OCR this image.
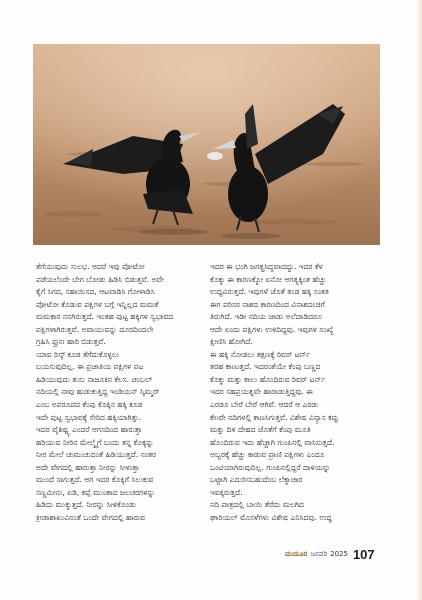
ತೆಗೆಯುವುದು ಸುಲಭ. ಆದರೆ ಇವು ಪೋಟೋ
ಪಡೆಯಲೆಂದೇ ಬೇಗ ಬೋಡು ಹಿಡಿಸಿ ಬಿಡುತ್ತವೆ. ಅವೇ
ಕೈಗೆ ಸಿಗದ, ಸಹಾಯಿಸದ, ಆಟವಾಡಿಸಿ ಗೋಳಾಡಿಸಿ
ಪೋಟೋ ಕೊಡುವ ಪಕ್ಷಿಗಳ ಬಗ್ಗೆ ಇನ್ನಿಲ್ಲದ ಮಮತೆ
ಮಮಕಾರ ನನಗಿರುತ್ತದೆ. ಇಂತಹ ಪುಟ್ಟ ಹಕ್ಕಿಗಳ ಸ್ವಭಾವದ
ಪಕ್ಷಿಗಳಾಗಿರುತ್ತವೆ. ಅವಾಯುವನ್ನು ದೂರದಿಂದಲೇ
ಗ್ರಹಿಸಿ ಫ್ರುನಃ ಹಾರಿ ಬಿಡುತ್ತವೆ.
ಯಾವ ರಿಸ್ಕ್ ಕೂಡ ತೆಗೆದುಕೊಳ್ಳಲು
ಬಯಸುವುದಿಲ್ಲ. ಈ ಪ್ರಜಾತಿಯ ಪಕ್ಷಿಗಳ ಪಟ
ಹಿಡಿಯುವುದು ತುಸು ನಾಜೂಕಿನ ಕೆಲಸ. ಚಂಬಲ್
ನದಿಯಲ್ಲಿ ನಾವು ಹುಡುಕುತ್ತಿದ್ದ ಇಂಡಿಯನ್ ಸ್ಕಿಮ್ಮರ್
ಎಂಬ ಅಪರೂಪದ ಕೆಂಪು ಕೊಕ್ಕಿನ ಹಕ್ಕಿ ಕೂಡ
ಇದೇ ಪುಟ್ಟ ಸ್ವಭಾವಕ್ಕೆ ಸೇರಿದ ಹಕ್ಕಿಯಾಗಿತ್ತು.
ಇದರ ವೈಶಿಷ್ಟ್ಯ ಎಂದರೆ ಆಗಸದಿಂದ ಹಾರುತ್ತಾ
ಹರಿಯುವ ನೀರಿನ ಮೇಲ್ಮೈಗೆ ಬಂದು ತನ್ನ ಕೊಕ್ಕನ್ನು
ನೀರ ಮೇಲೆ ಚುಮುಚುದಂತೆ ಹಿಡಿಯುತ್ತದೆ. ನಂತರ
ಅದೇ ವೇಗದಲ್ಲಿ ಹಾರುತ್ತಾ ನೀರನ್ನು ಸೀಳುತ್ತಾ
ಮುಂದೆ ಸಾಗುತ್ತದೆ. ಆಗ ಇದರ ಕೊಕ್ಕಿಗೆ ಸಿಲುಕುವ
ಸಣ್ಣಮೀನು, ಏಡಿ, ಕಪ್ಪೆ ಮುಂತಾದ ಜಲಚರಗಳನ್ನು
ಹಿಡಿದು ಮುಕ್ಕುತ್ತದೆ. ನೀರನ್ನು ಸೀಳಿಕೊಂಡು
ಕ್ರೀಡಾಶಾಖುವಿನಂತೆ ಒಂದೇ ವೇಗದಲ್ಲಿ ಹಾರುವ
ಇದರ ಈ ಭಂಗಿ ಜಗತ್ಪ್ರಸಿದ್ಧವಾದದ್ದು. ಇದರ ಕೆಳ
ಕೊಕ್ಕು ಈ ಕಾರಣಕ್ಕೋ ಏನೋ ಆಗತ್ಯಕ್ಕಿಂತ ಹೆಚ್ಚು
ಉದ್ದವಿರುತ್ತದೆ. ಇವುಗಳೆ ಜೊತೆ ತಂಡ ಹಕ್ಕಿ ಸಂತತಿ
ಈಗ ಪರಿಸರ ನಾಶದ ಕಾರಣದಿಂದ ವಿನಾಶದಂಚಿಗೆ
ತಿರುಗಿದೆ. ಇಡೀ ನದಿಯ ಜಾಡು ಅಲೆದಾಡಿದರೂ
ಆದೇ ಏಂದು ಪಕ್ಷಿಗಳು ಉಳಿದಿದ್ದವು. ಇವುಗಳ ಸಂಖ್ಯೆ
ಕ್ಷೀಣಿಸಿ ಹೋಗಿದೆ.
ಈ ಹಕ್ಕಿ ನೋಡಲು ತಕ್ಷಣಕ್ಕೆ ರಿವರ್ ಟರ್ನ್
ತರಹ ಕಾಣುತ್ತದೆ. ಇದರಂತೆಯೇ ಕೆಂಪು ಬಣ್ಣದ
ಕೊಕ್ಕು ಮತ್ತು ಕಾಲು ಹೊಂದಿರುವ ರಿವರ್ ಟರ್ನ್
ಇದರ ಸಹಪ್ರಯತ್ನವೇ ಹಾರಾಡುತ್ತಿದ್ದವು. ಈ
ಎರಡೂ ಬೇರೆ ಬೇರೆ ಆಗಿವೆ. ಆದರೆ ಆ ಎರಡು
ಕೆಲವೇ ನದಿಗಳಲ್ಲಿ ಕಾಣಸಿಗುತ್ತವೆ. ವಿಶೇಷ ವಿನ್ಯಾಸ ಕಪ್ಪು
ಮತ್ತು ದಿಳಿ ದೇಹದ ಜೊತೆಗೆ ಕೆಂಪು ಮೂತಿ
ಹೊಂದಿರುವ ಇದು ಹೆಚ್ಚಾಗಿ ಗುಂಪಿನಲ್ಲಿ ವಾಸಿಸುತ್ತದೆ.
ಅಬ್ಬರಕ್ಕೆ ಹೆಚ್ಚು ಕಾಡುವ ಪ್ರಾಣಿ ಪಕ್ಷಿಗಳು ಎಂದೂ
ಒಂಟಿಯಾಗಿರುವುದಿಲ್ಲ. ಗುಂಪಿನಲ್ಲಿದ್ದರೆ ದಾಳಿಯನ್ನು
ಒಟ್ಟಾಗಿ ಎದುರಿಸಬಹುದೆಂಬ ಲೆಕ್ಕಾಚಾರ
ಇವಕ್ಕಿರುತ್ತದೆ.
ನದಿ ಪಾತ್ರದಲ್ಲಿ ಬಾಯಿ ತೆರೆದು ಮಲಗಿದ
ಘಾರಿಯಲ್ ಮೊಸಳೆಗಳು ವಿಶೇಷ ಎನಿಸಿದವು. ಉದ್ದ
ಮಯೂರ ಜನವರಿ 2025 107
